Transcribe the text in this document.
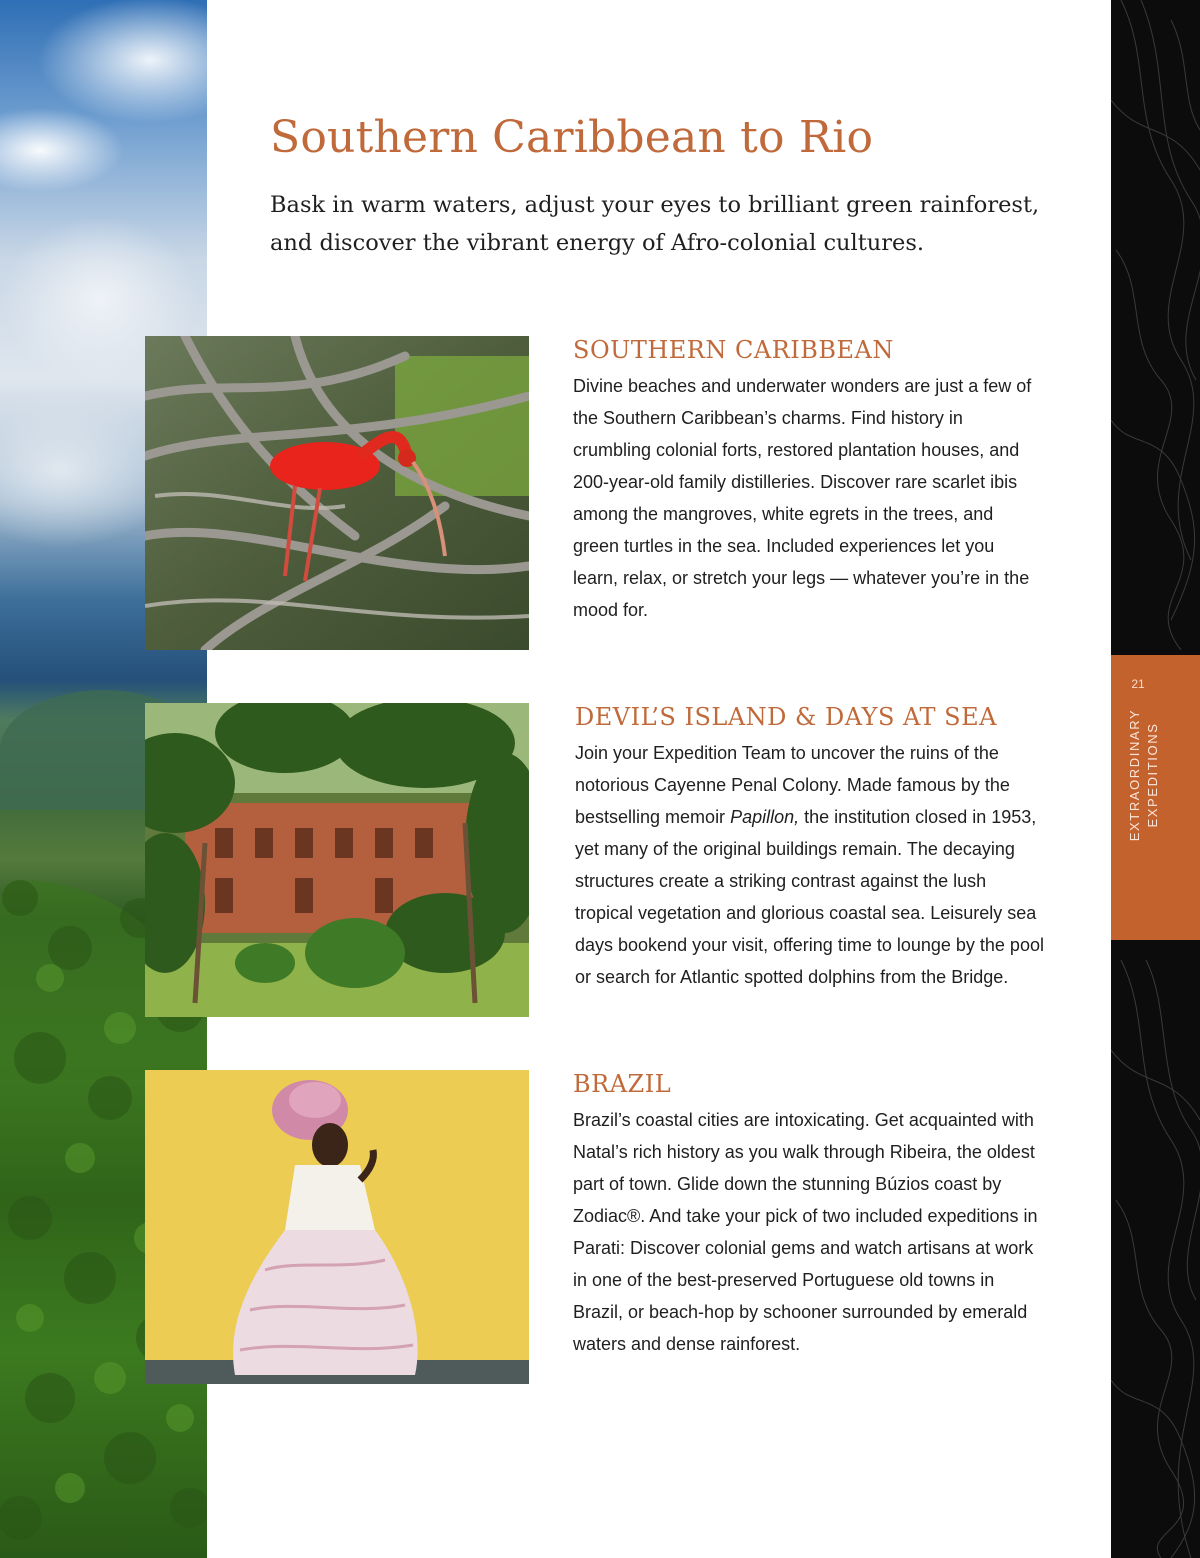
21
EXTRAORDINARY EXPEDITIONS
Southern Caribbean to Rio

Bask in warm waters, adjust your eyes to brilliant green rainforest, and discover the vibrant energy of Afro-colonial cultures.

SOUTHERN CARIBBEAN

Divine beaches and underwater wonders are just a few of the Southern Caribbean’s charms. Find history in crumbling colonial forts, restored plantation houses, and 200-year-old family distilleries. Discover rare scarlet ibis among the mangroves, white egrets in the trees, and green turtles in the sea. Included experiences let you learn, relax, or stretch your legs — whatever you’re in the mood for.

DEVIL’S ISLAND & DAYS AT SEA

Join your Expedition Team to uncover the ruins of the notorious Cayenne Penal Colony. Made famous by the bestselling memoir Papillon, the institution closed in 1953, yet many of the original buildings remain. The decaying structures create a striking contrast against the lush tropical vegetation and glorious coastal sea. Leisurely sea days bookend your visit, offering time to lounge by the pool or search for Atlantic spotted dolphins from the Bridge.

BRAZIL

Brazil’s coastal cities are intoxicating. Get acquainted with Natal’s rich history as you walk through Ribeira, the oldest part of town. Glide down the stunning Búzios coast by Zodiac®. And take your pick of two included expeditions in Parati: Discover colonial gems and watch artisans at work in one of the best-preserved Portuguese old towns in Brazil, or beach-hop by schooner surrounded by emerald waters and dense rainforest.
